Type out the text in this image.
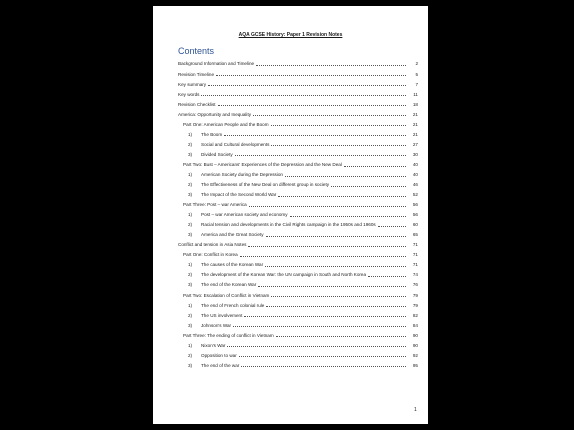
AQA GCSE History: Paper 1 Revision Notes
Contents
Background Information and Timeline	2
Revision Timeline	5
Key summary	7
Key words	11
Revision Checklist	18
America: Opportunity and Inequality	21
Part One: American People and the Boom	21
1)	The Boom	21
2)	Social and Cultural developments	27
3)	Divided Society	30
Part Two: Bust – Americans' Experiences of the Depression and the New Deal	40
1)	American Society during the Depression	40
2)	The Effectiveness of the New Deal on different group in society	46
3)	The Impact of the Second World War	52
Part Three: Post – war America	56
1)	Post – war American society and economy	56
2)	Racial tension and developments in the Civil Rights campaign in the 1950s and 1960s	60
3)	America and the Great Society	65
Conflict and tension in Asia Notes	71
Part One: Conflict in Korea	71
1)	The causes of the Korean War	71
2)	The development of the Korean War: the UN campaign in South and North Korea	74
3)	The end of the Korean War	76
Part Two: Escalation of Conflict in Vietnam	79
1)	The end of French colonial rule	79
2)	The US involvement	82
3)	Johnson's War	84
Part Three: The ending of conflict in Vietnam	90
1)	Nixon's War	90
2)	Opposition to war	92
3)	The end of the war	95
1
